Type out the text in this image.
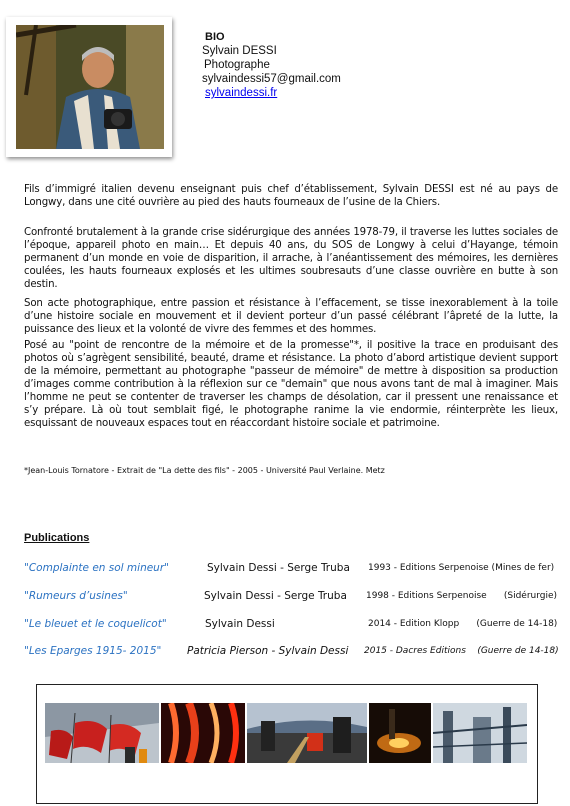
BIO
Sylvain DESSI
Photographe
sylvaindessi57@gmail.com
sylvaindessi.fr
Fils d’immigré italien devenu enseignant puis chef d’établissement, Sylvain DESSI est né au pays de Longwy, dans une cité ouvrière au pied des hauts fourneaux de l’usine de la Chiers.
Confronté brutalement à la grande crise sidérurgique des années 1978-79, il traverse les luttes sociales de l’époque, appareil photo en main… Et depuis 40 ans, du SOS de Longwy à celui d’Hayange, témoin permanent d’un monde en voie de disparition, il arrache, à l’anéantissement des mémoires, les dernières coulées, les hauts fourneaux explosés et les ultimes soubresauts d’une classe ouvrière en butte à son destin.
Son acte photographique, entre passion et résistance à l’effacement, se tisse inexorablement à la toile d’une histoire sociale en mouvement et il devient porteur d’un passé célébrant l’âpreté de la lutte, la puissance des lieux et la volonté de vivre des femmes et des hommes.
Posé au "point de rencontre de la mémoire et de la promesse"*, il positive la trace en produisant des photos où s’agrègent sensibilité, beauté, drame et résistance. La photo d’abord artistique devient support de la mémoire, permettant au photographe "passeur de mémoire" de mettre à disposition sa production d’images comme contribution à la réflexion sur ce "demain" que nous avons tant de mal à imaginer. Mais l’homme ne peut se contenter de traverser les champs de désolation, car il pressent une renaissance et s’y prépare. Là où tout semblait figé, le photographe ranime la vie endormie, réinterprète les lieux, esquissant de nouveaux espaces tout en réaccordant histoire sociale et patrimoine.
*Jean-Louis Tornatore - Extrait de "La dette des fils" - 2005 - Université Paul Verlaine. Metz
Publications
"Complainte en sol mineur"	Sylvain Dessi - Serge Truba 1993 - Editions Serpenoise (Mines de fer)
"Rumeurs d’usines"	Sylvain Dessi - Serge Truba 1998 - Editions Serpenoise      (Sidérurgie)
"Le bleuet et le coquelicot"	Sylvain Dessi	2014 - Edition Klopp      (Guerre de 14-18)
"Les Eparges 1915- 2015" Patricia Pierson - Sylvain Dessi 2015 - Dacres Editions    (Guerre de 14-18)
